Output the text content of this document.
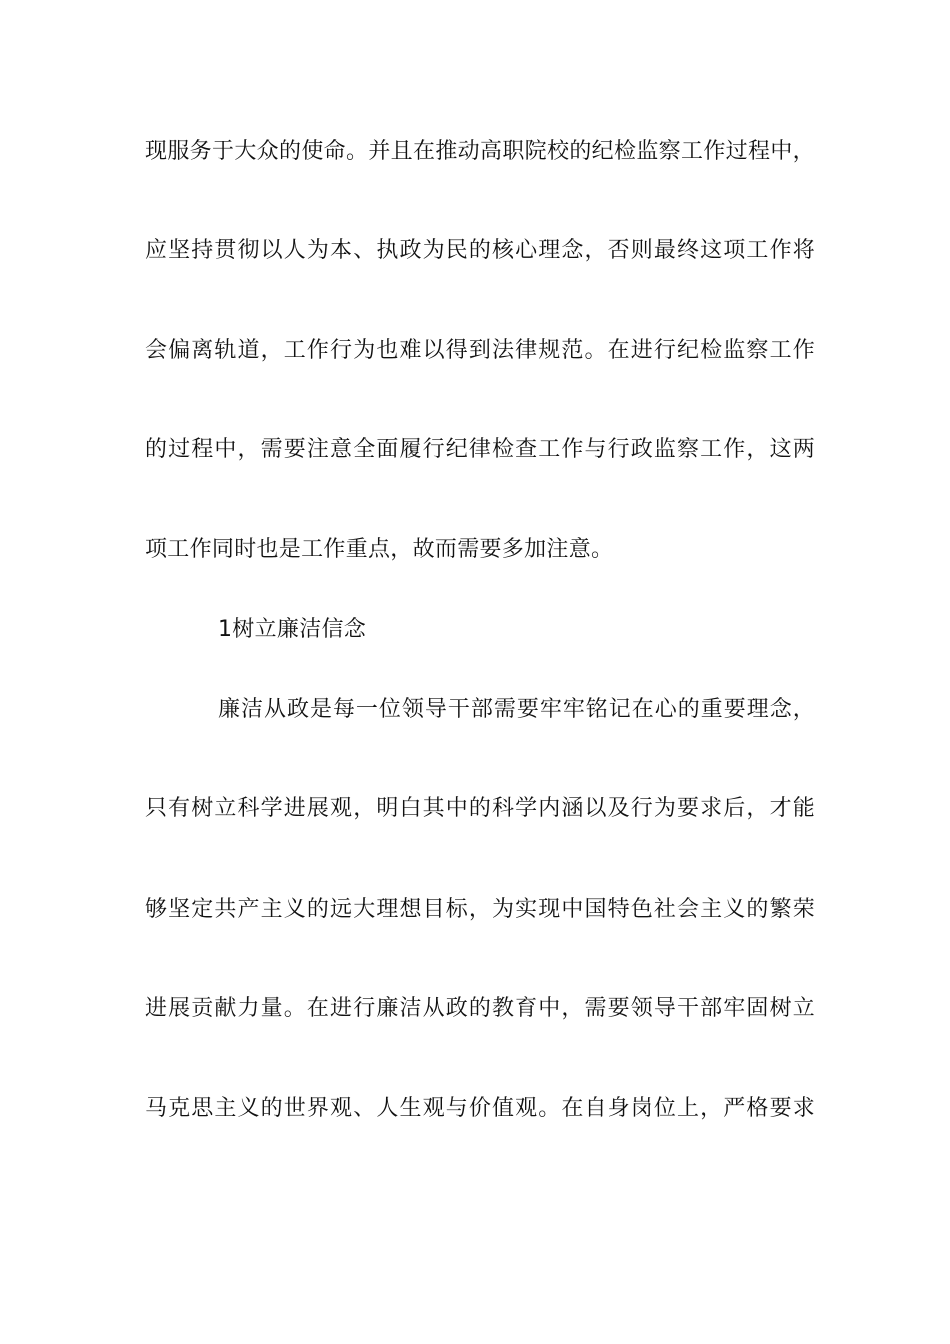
现服务于大众的使命。并且在推动高职院校的纪检监察工作过程中，
应坚持贯彻以人为本、执政为民的核心理念，否则最终这项工作将
会偏离轨道，工作行为也难以得到法律规范。在进行纪检监察工作
的过程中，需要注意全面履行纪律检查工作与行政监察工作，这两
项工作同时也是工作重点，故而需要多加注意。
1树立廉洁信念
廉洁从政是每一位领导干部需要牢牢铭记在心的重要理念，
只有树立科学进展观，明白其中的科学内涵以及行为要求后，才能
够坚定共产主义的远大理想目标，为实现中国特色社会主义的繁荣
进展贡献力量。在进行廉洁从政的教育中，需要领导干部牢固树立
马克思主义的世界观、人生观与价值观。在自身岗位上，严格要求
